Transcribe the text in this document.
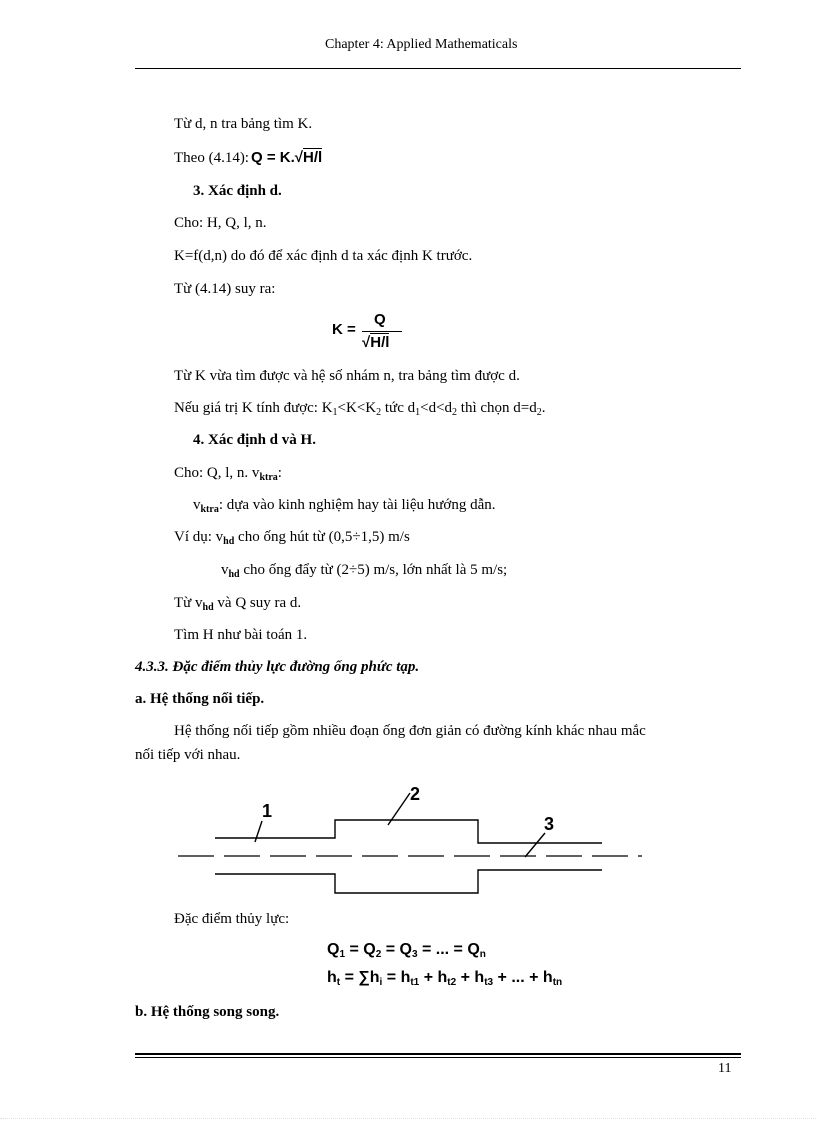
Chapter 4: Applied Mathematicals
Từ d, n tra bảng tìm K.
Theo (4.14): Q = K.√H/l
3. Xác định d.
Cho: H, Q, l, n.
K=f(d,n) do đó để xác định d ta xác định K trước.
Từ (4.14) suy ra:
K =
Q
√H/l
Từ K vừa tìm được và hệ số nhám n, tra bảng tìm được d.
Nếu giá trị K tính được: $K_1<K<K_2$ tức $d_1<d<d_2$ thì chọn $d=d_2$.
4. Xác định d và H.
Cho: Q, l, n. $v_{ktra}$:
$v_{ktra}$: dựa vào kinh nghiệm hay tài liệu hướng dẫn.
Ví dụ: $v_{hd}$ cho ống hút từ (0,5÷1,5) m/s
$v_{hd}$ cho ống đẩy từ (2÷5) m/s, lớn nhất là 5 m/s;
Từ $v_{hd}$ và Q suy ra d.
Tìm H như bài toán 1.
4.3.3. Đặc điểm thủy lực đường ống phức tạp.
a. Hệ thống nối tiếp.
Hệ thống nối tiếp gồm nhiều đoạn ống đơn giản có đường kính khác nhau mắc
nối tiếp với nhau.
1
2
3
Đặc điểm thủy lực:
$Q_1 = Q_2 = Q_3$ = ... = $Q_n$
$h_t = \sum h_i = h_{t1} + h_{t2} + h_{t3}$ + ... + $h_{tn}$
b. Hệ thống song song.
11
